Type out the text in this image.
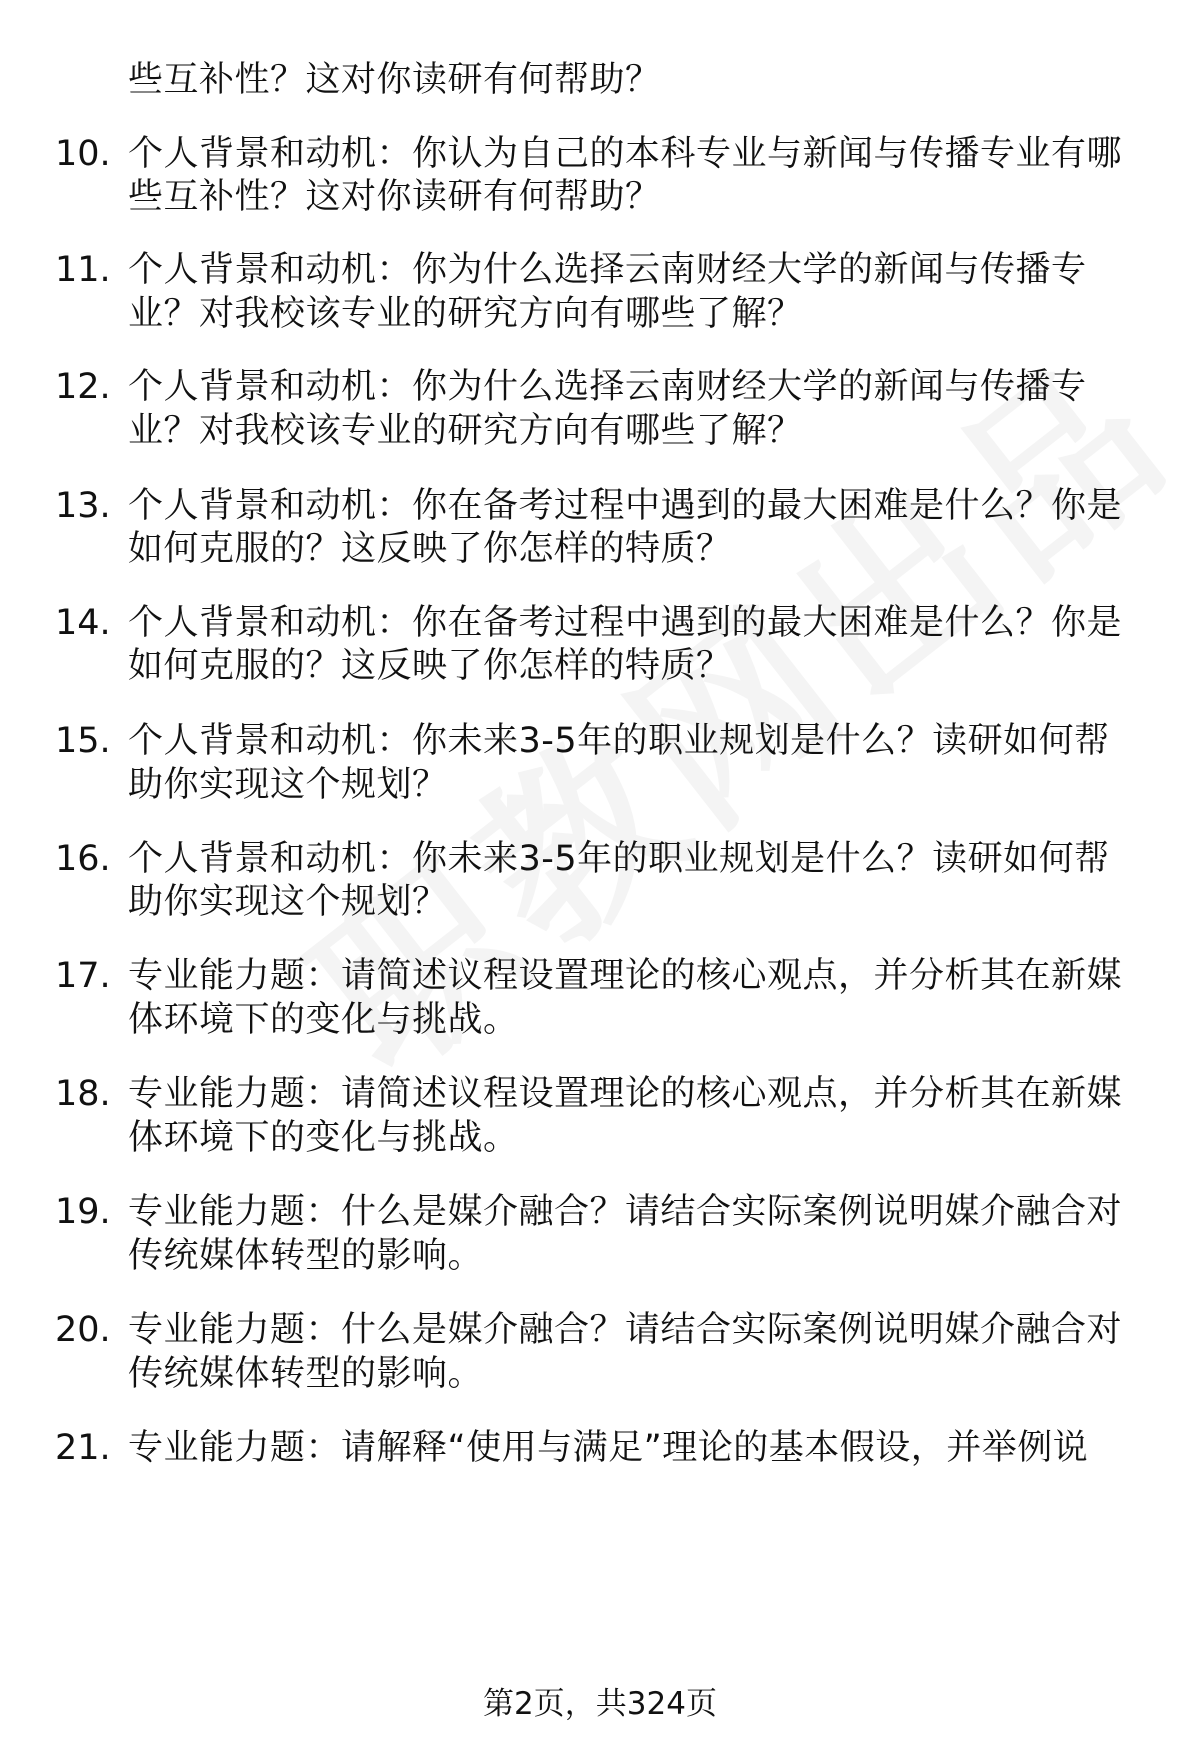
些互补性？这对你读研有何帮助？
10. 个人背景和动机：你认为自己的本科专业与新闻与传播专业有哪
些互补性？这对你读研有何帮助？
11. 个人背景和动机：你为什么选择云南财经大学的新闻与传播专
业？对我校该专业的研究方向有哪些了解？
12. 个人背景和动机：你为什么选择云南财经大学的新闻与传播专
业？对我校该专业的研究方向有哪些了解？
13. 个人背景和动机：你在备考过程中遇到的最大困难是什么？你是
如何克服的？这反映了你怎样的特质？
14. 个人背景和动机：你在备考过程中遇到的最大困难是什么？你是
如何克服的？这反映了你怎样的特质？
15. 个人背景和动机：你未来3-5年的职业规划是什么？读研如何帮
助你实现这个规划？
16. 个人背景和动机：你未来3-5年的职业规划是什么？读研如何帮
助你实现这个规划？
17. 专业能力题：请简述议程设置理论的核心观点，并分析其在新媒
体环境下的变化与挑战。
18. 专业能力题：请简述议程设置理论的核心观点，并分析其在新媒
体环境下的变化与挑战。
19. 专业能力题：什么是媒介融合？请结合实际案例说明媒介融合对
传统媒体转型的影响。
20. 专业能力题：什么是媒介融合？请结合实际案例说明媒介融合对
传统媒体转型的影响。
21. 专业能力题：请解释“使用与满足”理论的基本假设，并举例说
第2页，共324页
